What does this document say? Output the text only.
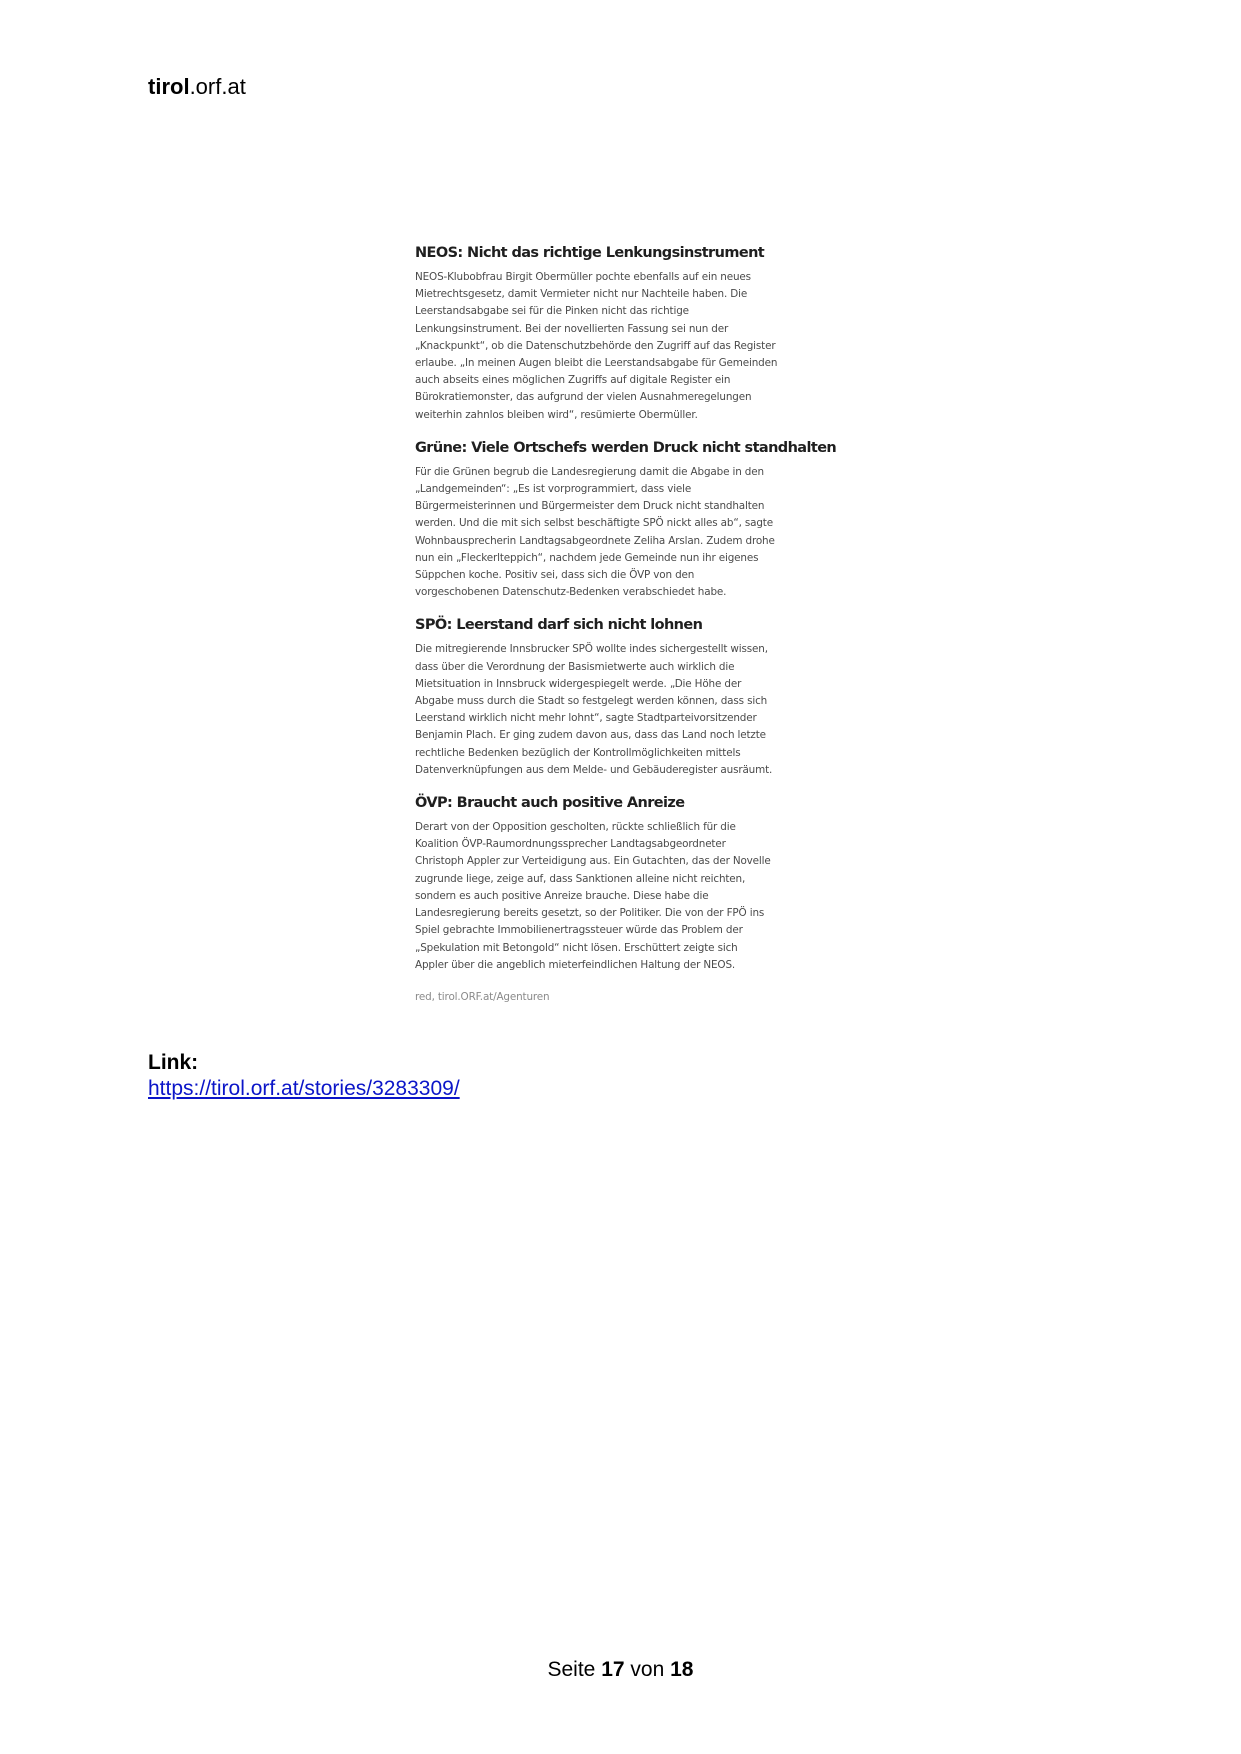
tirol.orf.at
NEOS: Nicht das richtige Lenkungsinstrument
NEOS-Klubobfrau Birgit Obermüller pochte ebenfalls auf ein neues
Mietrechtsgesetz, damit Vermieter nicht nur Nachteile haben. Die
Leerstandsabgabe sei für die Pinken nicht das richtige
Lenkungsinstrument. Bei der novellierten Fassung sei nun der
„Knackpunkt“, ob die Datenschutzbehörde den Zugriff auf das Register
erlaube. „In meinen Augen bleibt die Leerstandsabgabe für Gemeinden
auch abseits eines möglichen Zugriffs auf digitale Register ein
Bürokratiemonster, das aufgrund der vielen Ausnahmeregelungen
weiterhin zahnlos bleiben wird“, resümierte Obermüller.
Grüne: Viele Ortschefs werden Druck nicht standhalten
Für die Grünen begrub die Landesregierung damit die Abgabe in den
„Landgemeinden“: „Es ist vorprogrammiert, dass viele
Bürgermeisterinnen und Bürgermeister dem Druck nicht standhalten
werden. Und die mit sich selbst beschäftigte SPÖ nickt alles ab“, sagte
Wohnbausprecherin Landtagsabgeordnete Zeliha Arslan. Zudem drohe
nun ein „Fleckerlteppich“, nachdem jede Gemeinde nun ihr eigenes
Süppchen koche. Positiv sei, dass sich die ÖVP von den
vorgeschobenen Datenschutz-Bedenken verabschiedet habe.
SPÖ: Leerstand darf sich nicht lohnen
Die mitregierende Innsbrucker SPÖ wollte indes sichergestellt wissen,
dass über die Verordnung der Basismietwerte auch wirklich die
Mietsituation in Innsbruck widergespiegelt werde. „Die Höhe der
Abgabe muss durch die Stadt so festgelegt werden können, dass sich
Leerstand wirklich nicht mehr lohnt“, sagte Stadtparteivorsitzender
Benjamin Plach. Er ging zudem davon aus, dass das Land noch letzte
rechtliche Bedenken bezüglich der Kontrollmöglichkeiten mittels
Datenverknüpfungen aus dem Melde- und Gebäuderegister ausräumt.
ÖVP: Braucht auch positive Anreize
Derart von der Opposition gescholten, rückte schließlich für die
Koalition ÖVP-Raumordnungssprecher Landtagsabgeordneter
Christoph Appler zur Verteidigung aus. Ein Gutachten, das der Novelle
zugrunde liege, zeige auf, dass Sanktionen alleine nicht reichten,
sondern es auch positive Anreize brauche. Diese habe die
Landesregierung bereits gesetzt, so der Politiker. Die von der FPÖ ins
Spiel gebrachte Immobilienertragssteuer würde das Problem der
„Spekulation mit Betongold“ nicht lösen. Erschüttert zeigte sich
Appler über die angeblich mieterfeindlichen Haltung der NEOS.
red, tirol.ORF.at/Agenturen
Link:
https://tirol.orf.at/stories/3283309/
Seite 17 von 18
